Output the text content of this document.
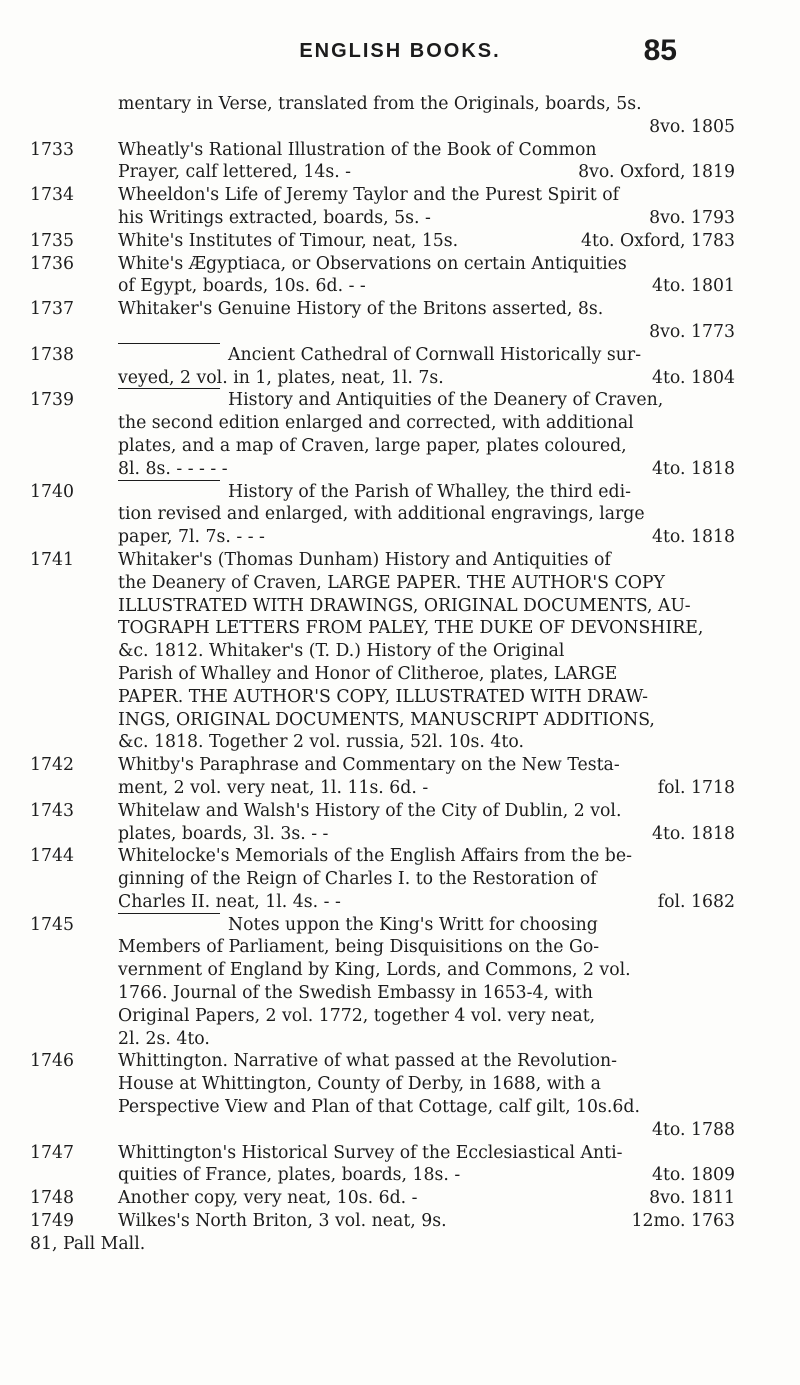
ENGLISH BOOKS.	85
mentary in Verse, translated from the Originals, boards, 5s.
8vo. 1805
1733	Wheatly's Rational Illustration of the Book of Common
Prayer, calf lettered, 14s. -	8vo. Oxford, 1819
1734	Wheeldon's Life of Jeremy Taylor and the Purest Spirit of
his Writings extracted, boards, 5s. -	8vo. 1793
1735	White's Institutes of Timour, neat, 15s.	4to. Oxford, 1783
1736	White's Ægyptiaca, or Observations on certain Antiquities
of Egypt, boards, 10s. 6d. - -	4to. 1801
1737	Whitaker's Genuine History of the Britons asserted, 8s.
8vo. 1773
1738	Ancient Cathedral of Cornwall Historically sur-
veyed, 2 vol. in 1, plates, neat, 1l. 7s.	4to. 1804
1739	History and Antiquities of the Deanery of Craven,
the second edition enlarged and corrected, with additional
plates, and a map of Craven, large paper, plates coloured,
8l. 8s. - - - - -	4to. 1818
1740	History of the Parish of Whalley, the third edi-
tion revised and enlarged, with additional engravings, large
paper, 7l. 7s. - - -	4to. 1818
1741	Whitaker's (Thomas Dunham) History and Antiquities of
the Deanery of Craven, LARGE PAPER. THE AUTHOR'S COPY
ILLUSTRATED WITH DRAWINGS, ORIGINAL DOCUMENTS, AU-
TOGRAPH LETTERS FROM PALEY, THE DUKE OF DEVONSHIRE,
&c. 1812. Whitaker's (T. D.) History of the Original
Parish of Whalley and Honor of Clitheroe, plates, LARGE
PAPER. THE AUTHOR'S COPY, ILLUSTRATED WITH DRAW-
INGS, ORIGINAL DOCUMENTS, MANUSCRIPT ADDITIONS,
&c. 1818. Together 2 vol. russia, 52l. 10s. 4to.
1742	Whitby's Paraphrase and Commentary on the New Testa-
ment, 2 vol. very neat, 1l. 11s. 6d. -	fol. 1718
1743	Whitelaw and Walsh's History of the City of Dublin, 2 vol.
plates, boards, 3l. 3s. - -	4to. 1818
1744	Whitelocke's Memorials of the English Affairs from the be-
ginning of the Reign of Charles I. to the Restoration of
Charles II. neat, 1l. 4s. - -	fol. 1682
1745	Notes uppon the King's Writt for choosing
Members of Parliament, being Disquisitions on the Go-
vernment of England by King, Lords, and Commons, 2 vol.
1766. Journal of the Swedish Embassy in 1653-4, with
Original Papers, 2 vol. 1772, together 4 vol. very neat,
2l. 2s. 4to.
1746	Whittington. Narrative of what passed at the Revolution-
House at Whittington, County of Derby, in 1688, with a
Perspective View and Plan of that Cottage, calf gilt, 10s.6d.
4to. 1788
1747	Whittington's Historical Survey of the Ecclesiastical Anti-
quities of France, plates, boards, 18s. -	4to. 1809
1748	Another copy, very neat, 10s. 6d. -	8vo. 1811
1749	Wilkes's North Briton, 3 vol. neat, 9s.	12mo. 1763
81, Pall Mall.
